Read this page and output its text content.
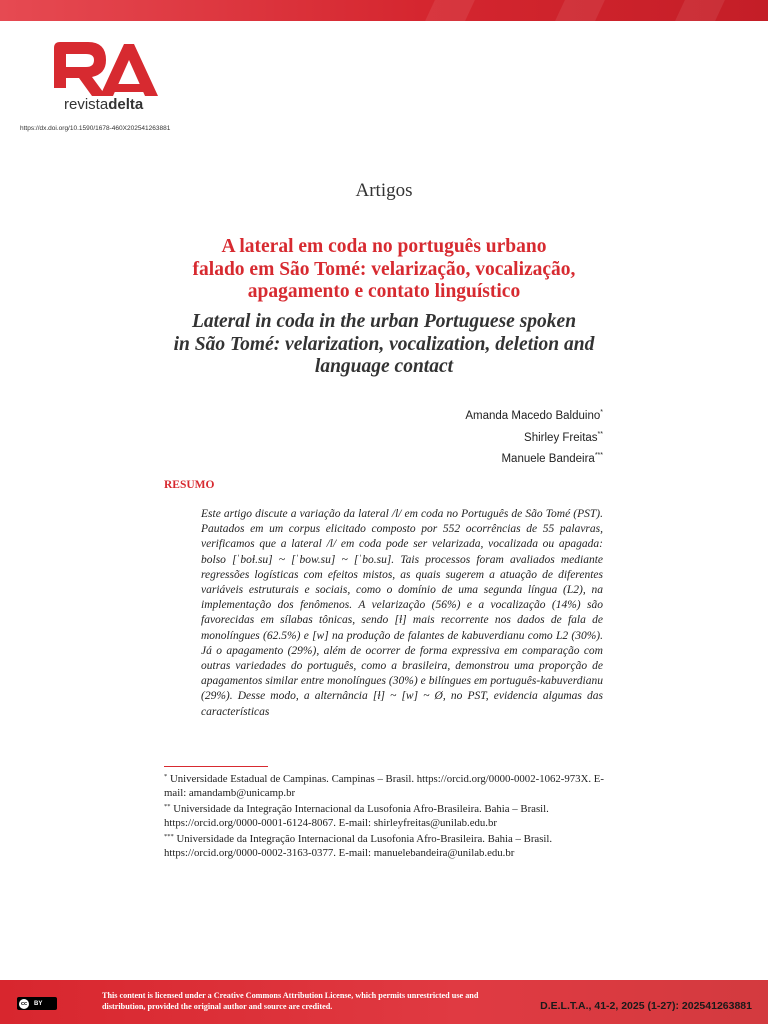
revistadelta
https://dx.doi.org/10.1590/1678-460X202541263881
Artigos
A lateral em coda no português urbano
falado em São Tomé: velarização, vocalização,
apagamento e contato linguístico
Lateral in coda in the urban Portuguese spoken
in São Tomé: velarization, vocalization, deletion and
language contact
Amanda Macedo Balduino*
Shirley Freitas**
Manuele Bandeira***
RESUMO

Este artigo discute a variação da lateral /l/ em coda no Português de São Tomé (PST). Pautados em um corpus elicitado composto por 552 ocorrências de 55 palavras, verificamos que a lateral /l/ em coda pode ser velarizada, vocalizada ou apagada: bolso [ˈboɫ.su] ~ [ˈbow.su] ~ [ˈbo.su]. Tais processos foram avaliados mediante regressões logísticas com efeitos mistos, as quais sugerem a atuação de diferentes variáveis estruturais e sociais, como o domínio de uma segunda língua (L2), na implementação dos fenômenos. A velarização (56%) e a vocalização (14%) são favorecidas em sílabas tônicas, sendo [ɫ] mais recorrente nos dados de fala de monolíngues (62.5%) e [w] na produção de falantes de kabuverdianu como L2 (30%). Já o apagamento (29%), além de ocorrer de forma expressiva em comparação com outras variedades do português, como a brasileira, demonstrou uma proporção de apagamentos similar entre monolíngues (30%) e bilíngues em português-kabuverdianu (29%). Desse modo, a alternância [ɫ] ~ [w] ~ Ø, no PST, evidencia algumas das características

* Universidade Estadual de Campinas. Campinas – Brasil. https://orcid.org/0000-0002-1062-973X. E-mail: amandamb@unicamp.br

** Universidade da Integração Internacional da Lusofonia Afro-Brasileira. Bahia – Brasil. https://orcid.org/0000-0001-6124-8067. E-mail: shirleyfreitas@unilab.edu.br

*** Universidade da Integração Internacional da Lusofonia Afro-Brasileira. Bahia – Brasil. https://orcid.org/0000-0002-3163-0377. E-mail: manuelebandeira@unilab.edu.br

cc	BY
This content is licensed under a Creative Commons Attribution License, which permits unrestricted use and distribution, provided the original author and source are credited.	D.E.L.T.A., 41-2, 2025 (1-27): 202541263881
